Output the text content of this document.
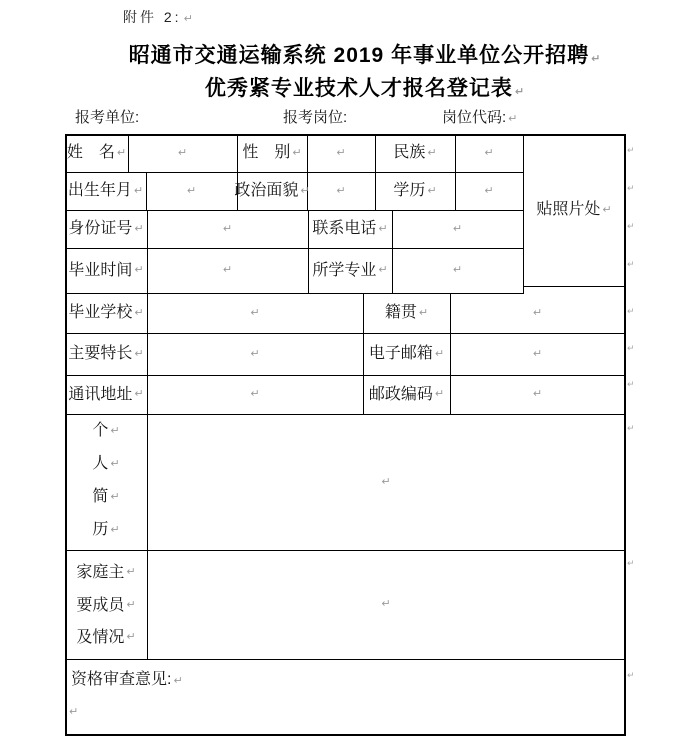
附件 2: ↵
昭通市交通运输系统 2019 年事业单位公开招聘 ↵
优秀紧专业技术人才报名登记表 ↵
报考单位:	报考岗位:	岗位代码: ↵
姓　名 ↵	↵	性　别 ↵	↵	民族 ↵	↵
出生年月 ↵	↵ 政治面貌 ↵ ↵	学历 ↵	↵
身份证号 ↵	↵	联系电话 ↵	↵
毕业时间 ↵	↵	所学专业 ↵	↵
贴照片处 ↵
毕业学校 ↵	↵	籍贯 ↵	↵
主要特长 ↵	↵	电子邮箱 ↵	↵
通讯地址 ↵	↵	邮政编码 ↵	↵
个 ↵
人 ↵
简 ↵
历 ↵
↵
家庭主 ↵
要成员 ↵
及情况 ↵
↵
资格审查意见: ↵
↵
↵
↵
↵
↵
↵
↵
↵
↵
↵
↵
